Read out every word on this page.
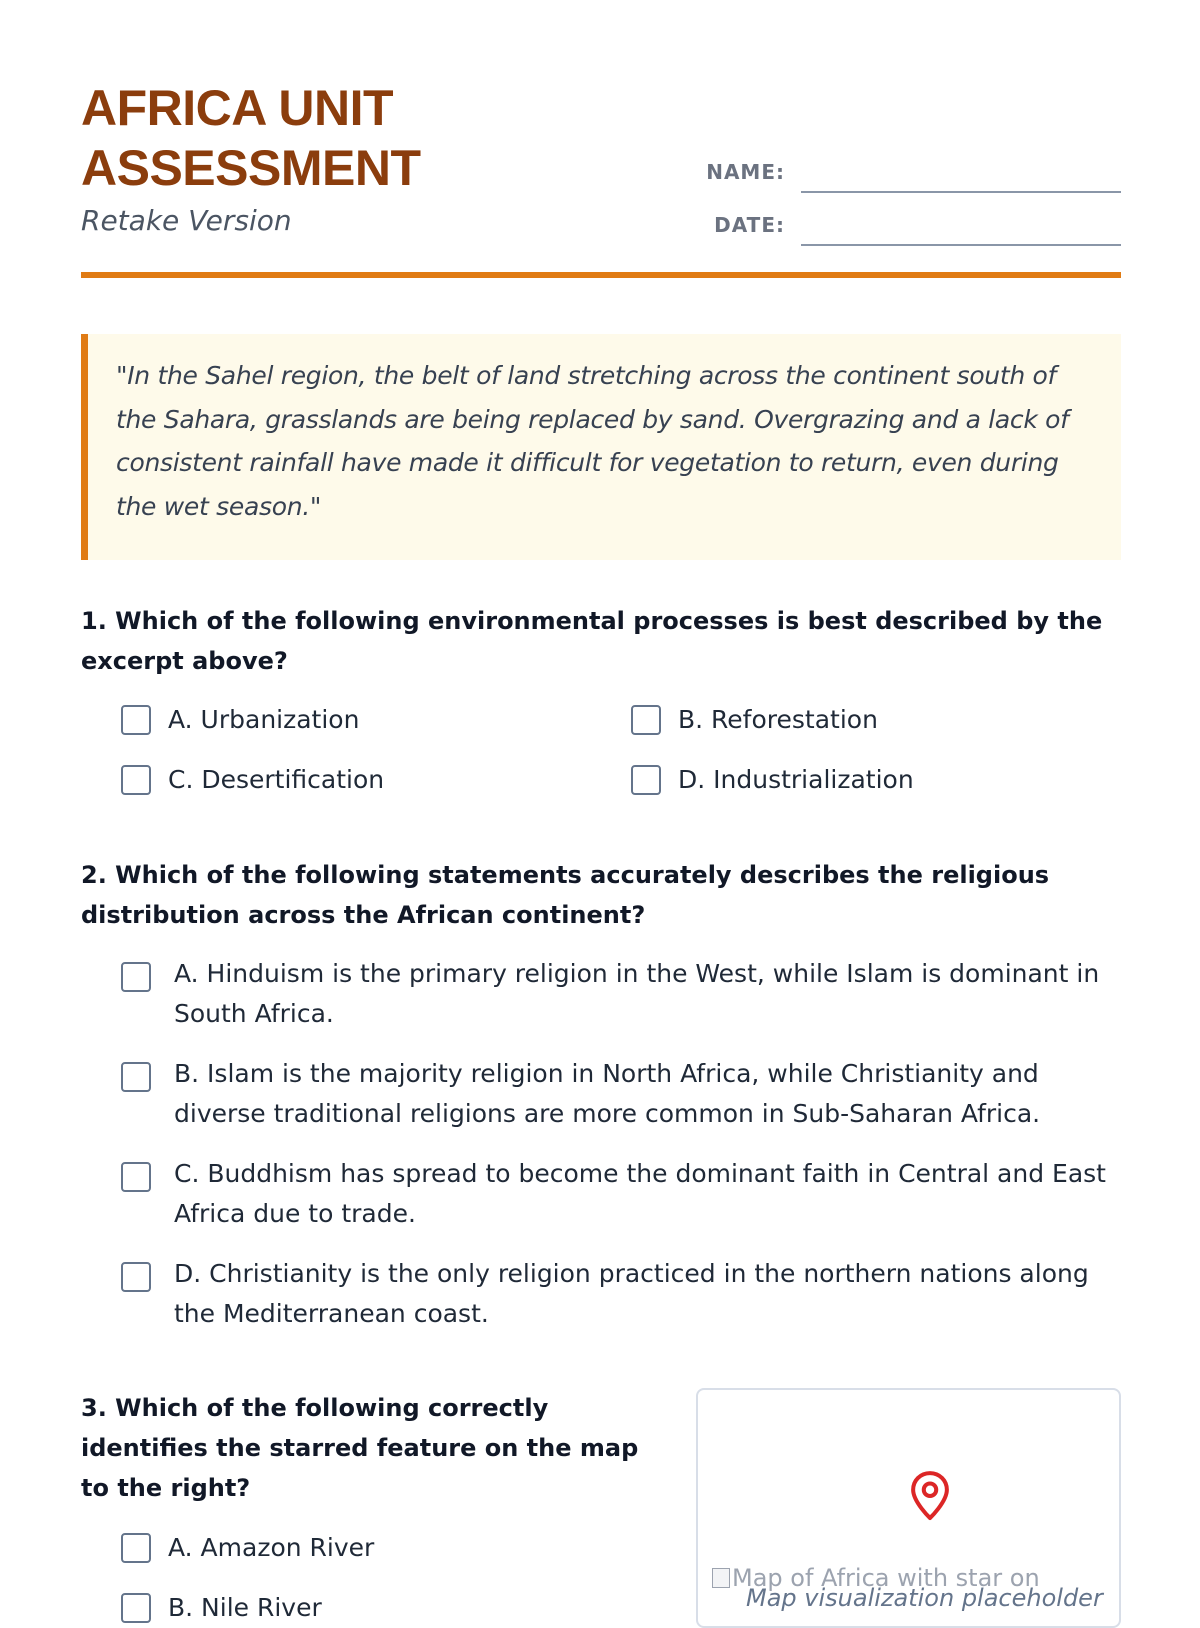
AFRICA UNIT
ASSESSMENT
Retake Version
NAME:
DATE:

"In the Sahel region, the belt of land stretching across the continent south of the Sahara, grasslands are being replaced by sand. Overgrazing and a lack of consistent rainfall have made it difficult for vegetation to return, even during the wet season."

1. Which of the following environmental processes is best described by the excerpt above?

A. Urbanization	B. Reforestation
C. Desertification	D. Industrialization

2. Which of the following statements accurately describes the religious distribution across the African continent?

A. Hinduism is the primary religion in the West, while Islam is dominant in South Africa.
B. Islam is the majority religion in North Africa, while Christianity and diverse traditional religions are more common in Sub-Saharan Africa.
C. Buddhism has spread to become the dominant faith in Central and East Africa due to trade.
D. Christianity is the only religion practiced in the northern nations along the Mediterranean coast.

3. Which of the following correctly identifies the starred feature on the map to the right?

A. Amazon River
B. Nile River
Map of Africa with star on
Map visualization placeholder
